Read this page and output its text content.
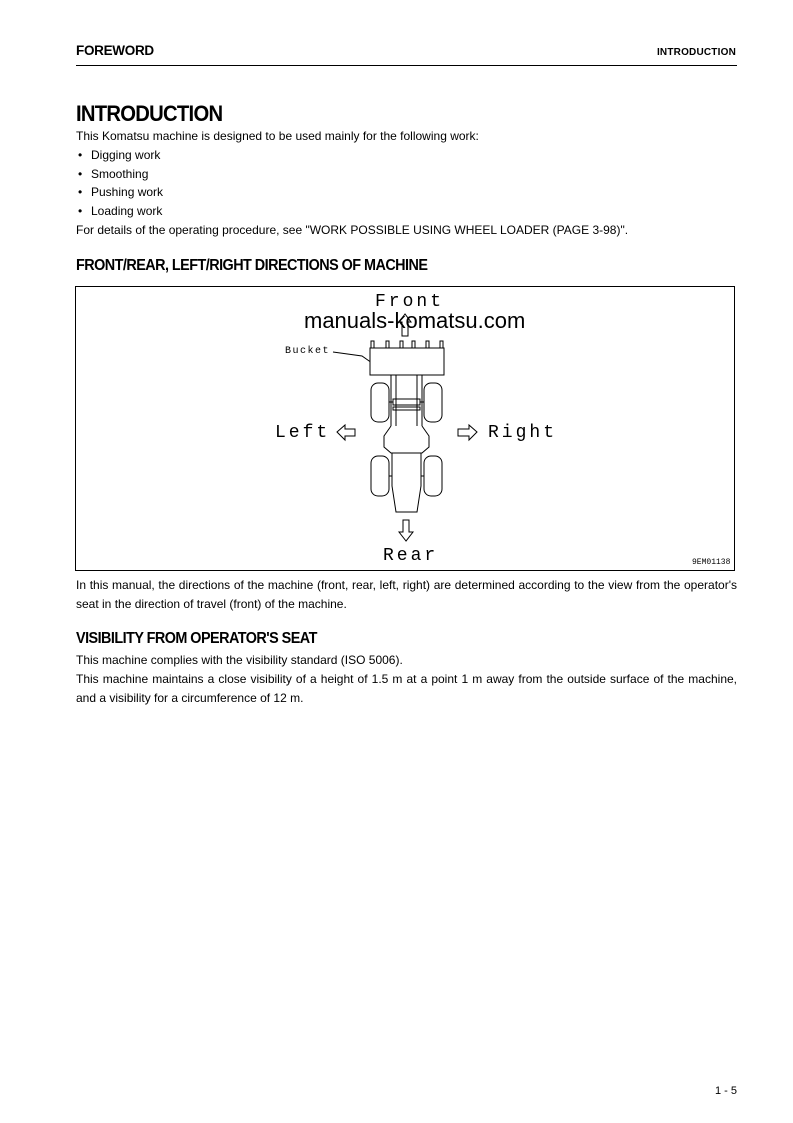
FOREWORD	INTRODUCTION
INTRODUCTION
This Komatsu machine is designed to be used mainly for the following work:
• Digging work
• Smoothing
• Pushing work
• Loading work
For details of the operating procedure, see "WORK POSSIBLE USING WHEEL LOADER (PAGE 3-98)".
FRONT/REAR, LEFT/RIGHT DIRECTIONS OF MACHINE
Front
manuals-komatsu.com
Bucket
Left	Right
Rear	9EM01138
In this manual, the directions of the machine (front, rear, left, right) are determined according to the view from the operator's seat in the direction of travel (front) of the machine.
VISIBILITY FROM OPERATOR'S SEAT
This machine complies with the visibility standard (ISO 5006).
This machine maintains a close visibility of a height of 1.5 m at a point 1 m away from the outside surface of the machine, and a visibility for a circumference of 12 m.
1 - 5
